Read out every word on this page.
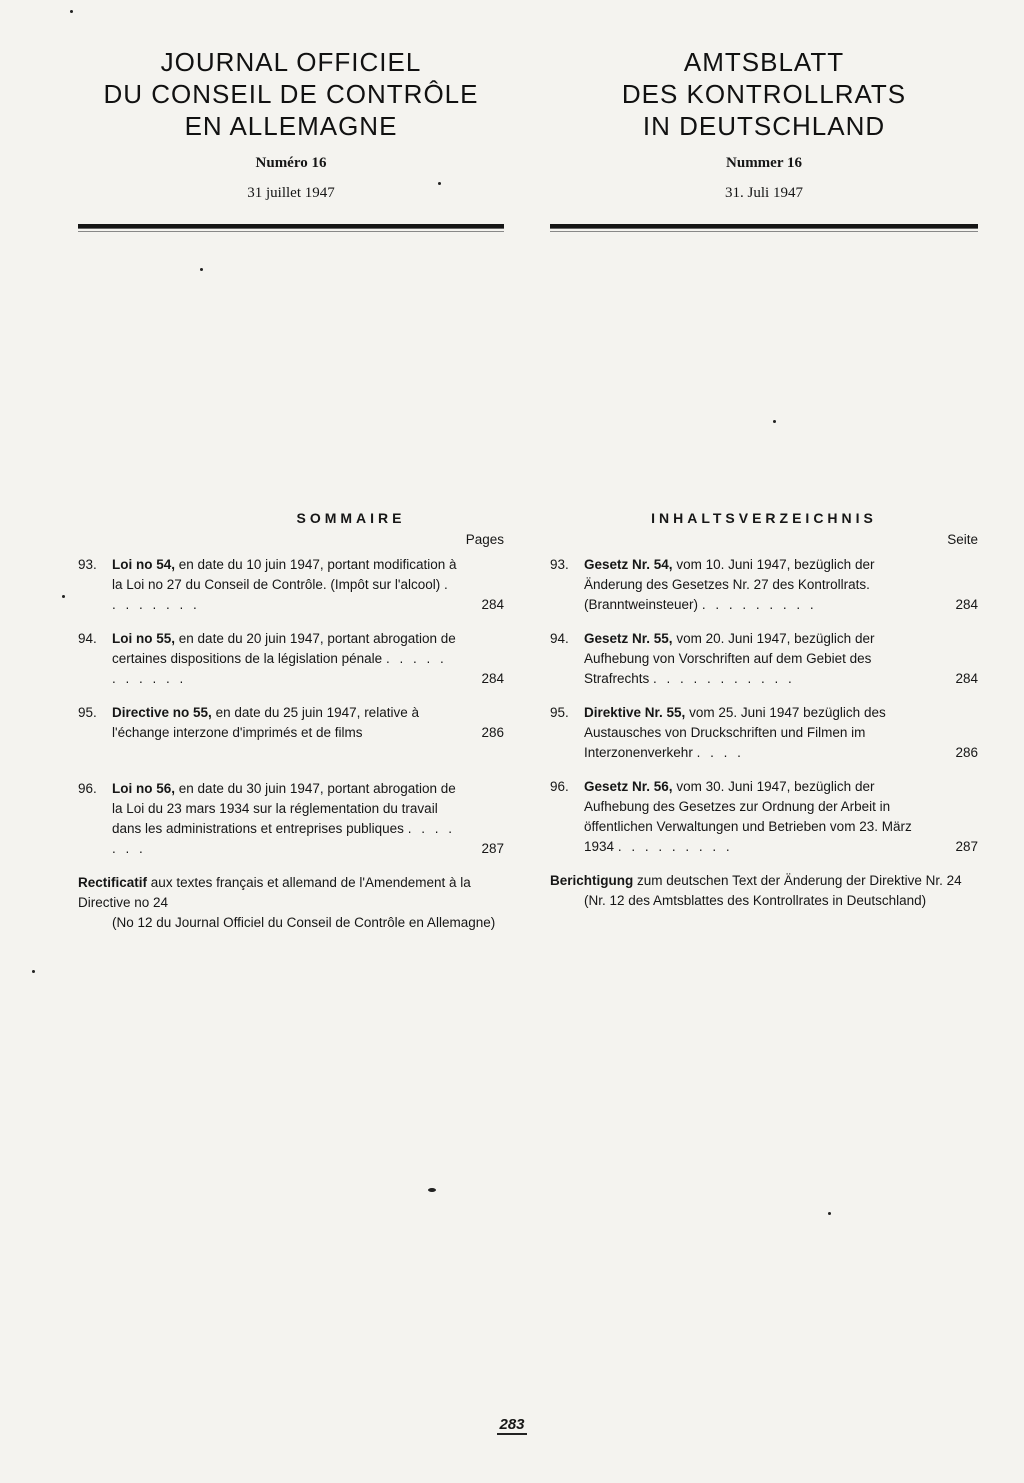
JOURNAL OFFICIEL
DU CONSEIL DE CONTRÔLE
EN ALLEMAGNE
Numéro 16
31 juillet 1947
SOMMAIRE
Pages
93. Loi no 54, en date du 10 juin 1947, portant modification à la Loi no 27 du Conseil de Contrôle. (Impôt sur l'alcool) . . . . . . . .	284
94. Loi no 55, en date du 20 juin 1947, portant abrogation de certaines dispositions de la législation pénale . . . . . . . . . . .	284
95. Directive no 55, en date du 25 juin 1947, relative à l'échange interzone d'imprimés et de films	286
96. Loi no 56, en date du 30 juin 1947, portant abrogation de la Loi du 23 mars 1934 sur la réglementation du travail dans les administrations et entreprises publiques . . . . . . .	287
Rectificatif aux textes français et allemand de l'Amendement à la Directive no 24
(No 12 du Journal Officiel du Conseil de Contrôle en Allemagne)
AMTSBLATT
DES KONTROLLRATS
IN DEUTSCHLAND
Nummer 16
31. Juli 1947
INHALTSVERZEICHNIS
Seite
93. Gesetz Nr. 54, vom 10. Juni 1947, bezüglich der Änderung des Gesetzes Nr. 27 des Kontrollrats. (Branntweinsteuer) . . . . . . . . .	284
94. Gesetz Nr. 55, vom 20. Juni 1947, bezüglich der Aufhebung von Vorschriften auf dem Gebiet des Strafrechts . . . . . . . . . . .	284
95. Direktive Nr. 55, vom 25. Juni 1947 bezüglich des Austausches von Druckschriften und Filmen im Interzonenverkehr . . . .	286
96. Gesetz Nr. 56, vom 30. Juni 1947, bezüglich der Aufhebung des Gesetzes zur Ordnung der Arbeit in öffentlichen Verwaltungen und Betrieben vom 23. März 1934 . . . . . . . . .	287
Berichtigung zum deutschen Text der Änderung der Direktive Nr. 24
(Nr. 12 des Amtsblattes des Kontrollrates in Deutschland)
283
